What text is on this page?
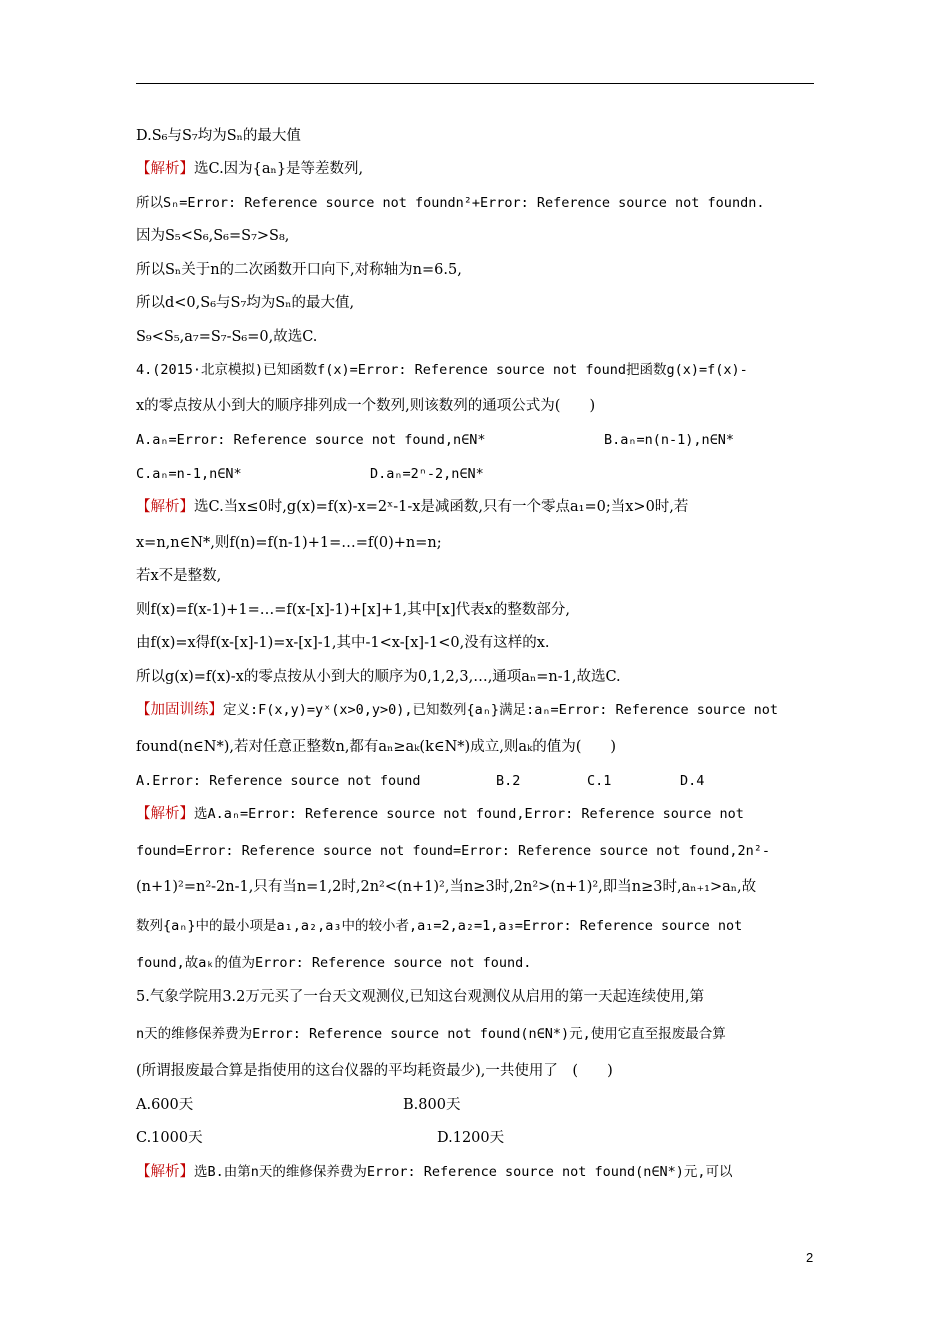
D.S₆与S₇均为Sₙ的最大值
【解析】选C.因为{aₙ}是等差数列,
所以Sₙ=Error: Reference source not foundn²+Error: Reference source not foundn.
因为S₅<S₆,S₆=S₇>S₈,
所以Sₙ关于n的二次函数开口向下,对称轴为n=6.5,
所以d<0,S₆与S₇均为Sₙ的最大值,
S₉<S₅,a₇=S₇-S₆=0,故选C.
4.(2015·北京模拟)已知函数f(x)=Error: Reference source not found把函数g(x)=f(x)-
x的零点按从小到大的顺序排列成一个数列,则该数列的通项公式为(　　)
A.aₙ=Error: Reference source not found,n∈N*	B.aₙ=n(n-1),n∈N*
C.aₙ=n-1,n∈N*	D.aₙ=2ⁿ-2,n∈N*
【解析】选C.当x≤0时,g(x)=f(x)-x=2ˣ-1-x是减函数,只有一个零点a₁=0;当x>0时,若
x=n,n∈N*,则f(n)=f(n-1)+1=…=f(0)+n=n;
若x不是整数,
则f(x)=f(x-1)+1=…=f(x-[x]-1)+[x]+1,其中[x]代表x的整数部分,
由f(x)=x得f(x-[x]-1)=x-[x]-1,其中-1<x-[x]-1<0,没有这样的x.
所以g(x)=f(x)-x的零点按从小到大的顺序为0,1,2,3,…,通项aₙ=n-1,故选C.
【加固训练】定义:F(x,y)=yˣ(x>0,y>0),已知数列{aₙ}满足:aₙ=Error: Reference source not
found(n∈N*),若对任意正整数n,都有aₙ≥aₖ(k∈N*)成立,则aₖ的值为(　　)
A.Error: Reference source not found	B.2	C.1	D.4
【解析】选A.aₙ=Error: Reference source not found,Error: Reference source not
found=Error: Reference source not found=Error: Reference source not found,2n²-
(n+1)²=n²-2n-1,只有当n=1,2时,2n²<(n+1)²,当n≥3时,2n²>(n+1)²,即当n≥3时,aₙ₊₁>aₙ,故
数列{aₙ}中的最小项是a₁,a₂,a₃中的较小者,a₁=2,a₂=1,a₃=Error: Reference source not
found,故aₖ的值为Error: Reference source not found.
5.气象学院用3.2万元买了一台天文观测仪,已知这台观测仪从启用的第一天起连续使用,第
n天的维修保养费为Error: Reference source not found(n∈N*)元,使用它直至报废最合算
(所谓报废最合算是指使用的这台仪器的平均耗资最少),一共使用了　(　　)
A.600天	B.800天
C.1000天	D.1200天
【解析】选B.由第n天的维修保养费为Error: Reference source not found(n∈N*)元,可以
2
